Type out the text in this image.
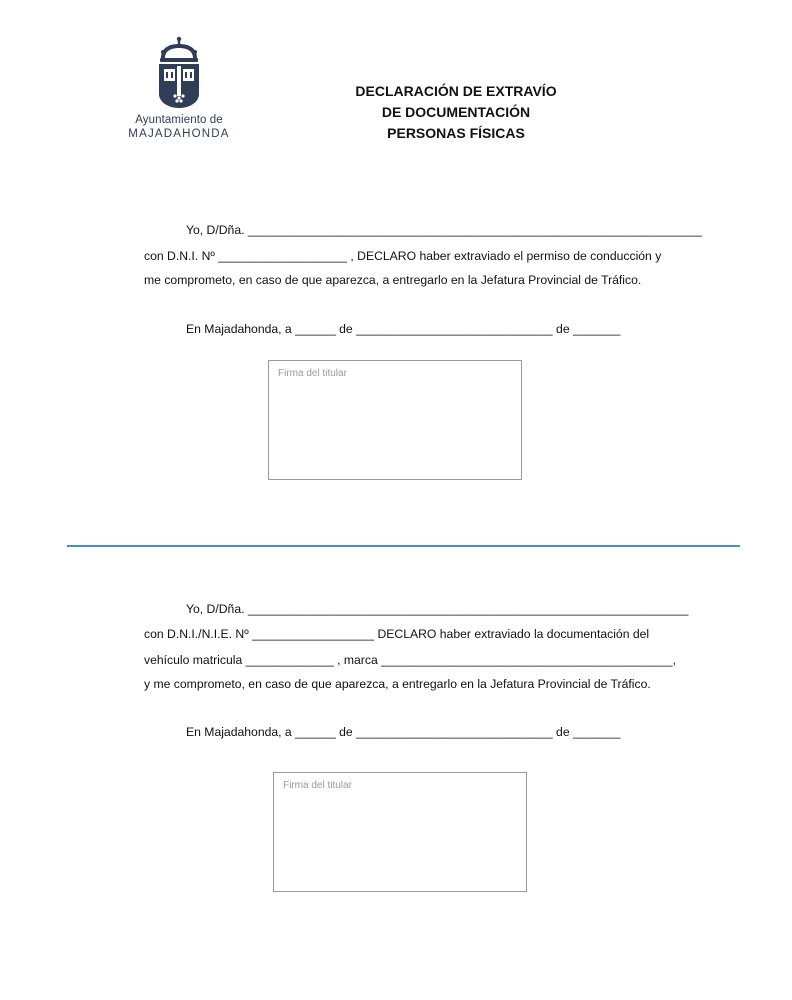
Ayuntamiento de
MAJADAHONDA
DECLARACIÓN DE EXTRAVÍO
DE DOCUMENTACIÓN
PERSONAS FÍSICAS
Yo, D/Dña. ___________________________________________________________________
con D.N.I. Nº ___________________ , DECLARO haber extraviado el permiso de conducción y
me comprometo, en caso de que aparezca, a entregarlo en la Jefatura Provincial de Tráfico.
En Majadahonda, a ______ de _____________________________ de _______
Firma del titular
Yo, D/Dña. _________________________________________________________________
con D.N.I./N.I.E. Nº __________________ DECLARO haber extraviado la documentación del
vehículo matricula _____________ , marca ___________________________________________,
y me comprometo, en caso de que aparezca, a entregarlo en la Jefatura Provincial de Tráfico.
En Majadahonda, a ______ de _____________________________ de _______
Firma del titular
